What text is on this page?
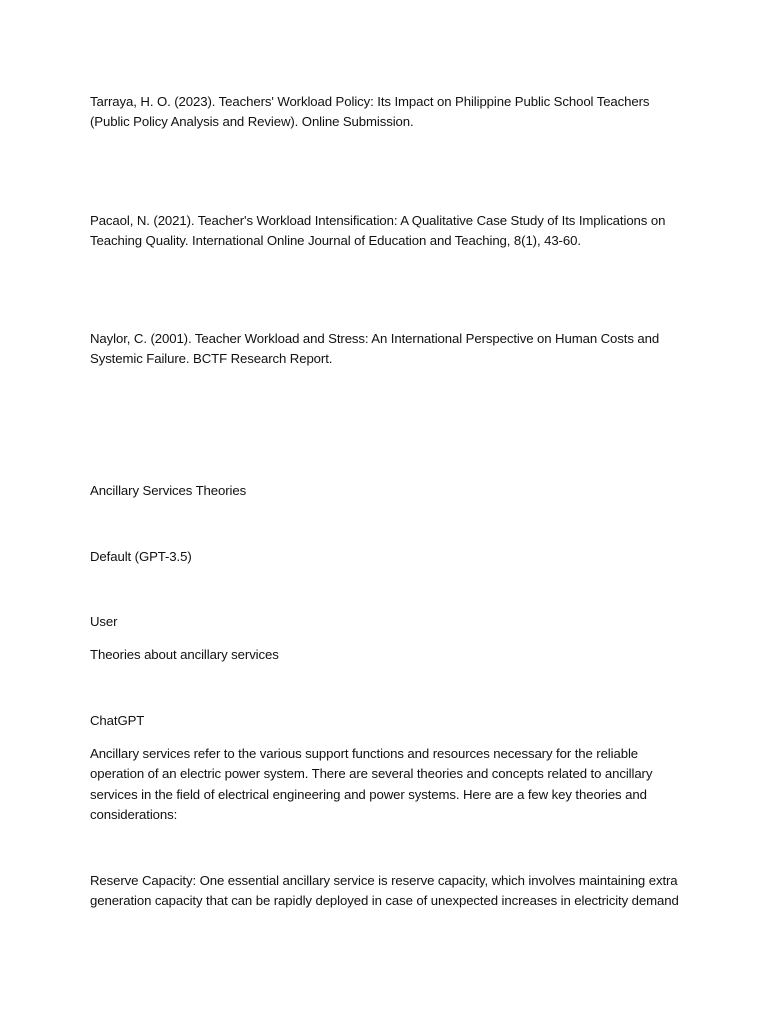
Tarraya, H. O. (2023). Teachers' Workload Policy: Its Impact on Philippine Public School Teachers (Public Policy Analysis and Review). Online Submission.

Pacaol, N. (2021). Teacher's Workload Intensification: A Qualitative Case Study of Its Implications on Teaching Quality. International Online Journal of Education and Teaching, 8(1), 43-60.

Naylor, C. (2001). Teacher Workload and Stress: An International Perspective on Human Costs and Systemic Failure. BCTF Research Report.

Ancillary Services Theories

Default (GPT-3.5)

User

Theories about ancillary services

ChatGPT

Ancillary services refer to the various support functions and resources necessary for the reliable operation of an electric power system. There are several theories and concepts related to ancillary services in the field of electrical engineering and power systems. Here are a few key theories and considerations:

Reserve Capacity: One essential ancillary service is reserve capacity, which involves maintaining extra generation capacity that can be rapidly deployed in case of unexpected increases in electricity demand
